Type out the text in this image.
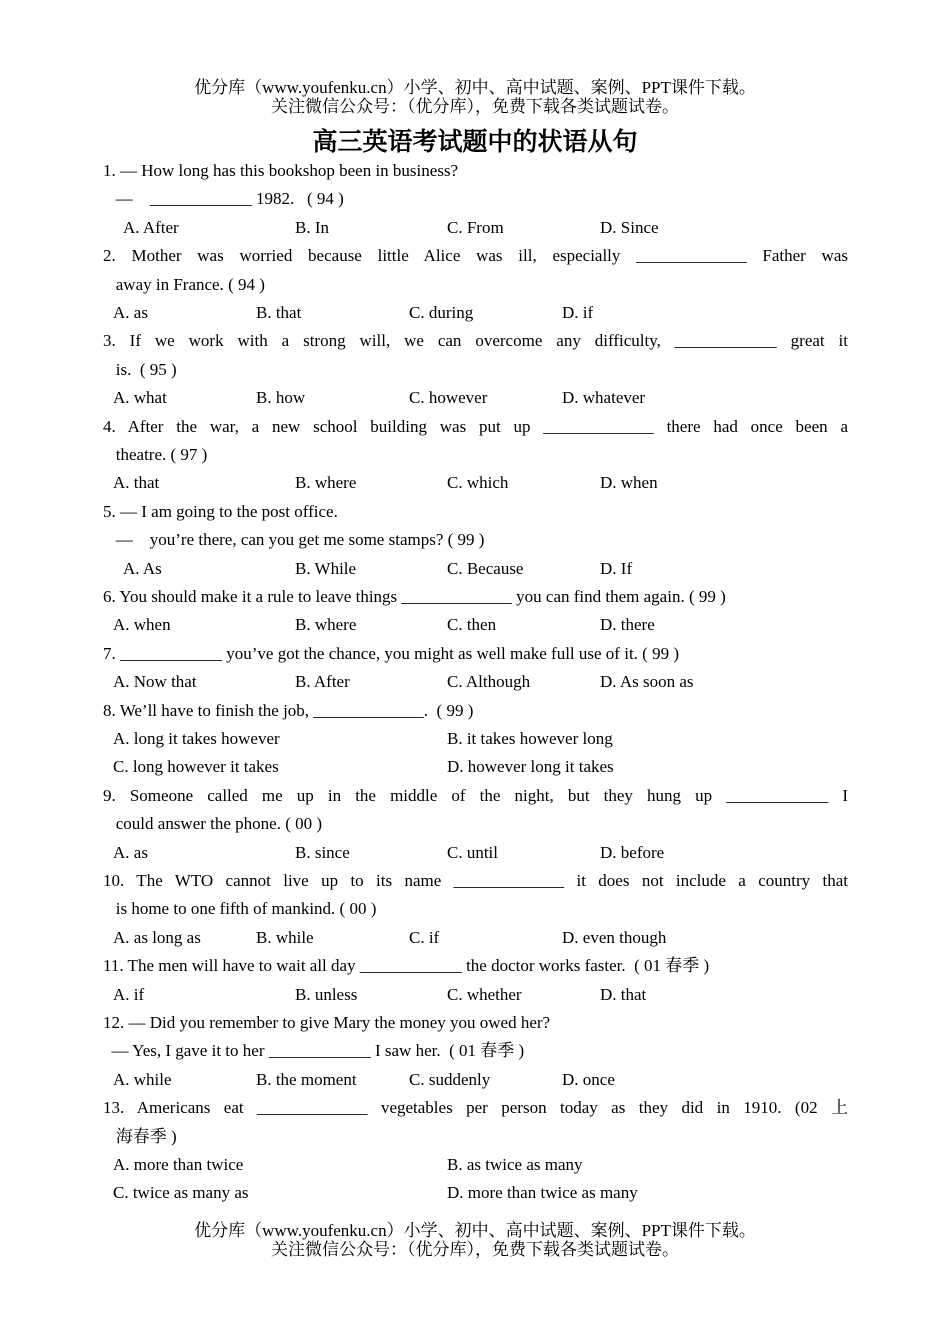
优分库（www.youfenku.cn）小学、初中、高中试题、案例、PPT课件下载。
关注微信公众号：（优分库），免费下载各类试题试卷。
高三英语考试题中的状语从句
1. — How long has this bookshop been in business?
—    ____________ 1982.   ( 94 )
A. After	B. In	C. From	D. Since
2. Mother was worried because little Alice was ill, especially _____________ Father was
away in France. ( 94 )
A. as	B. that	C. during	D. if
3. If we work with a strong will, we can overcome any difficulty, ____________ great it
is.  ( 95 )
A. what	B. how	C. however	D. whatever
4. After the war, a new school building was put up _____________ there had once been a
theatre. ( 97 )
A. that	B. where	C. which	D. when
5. — I am going to the post office.
—    you’re there, can you get me some stamps? ( 99 )
A. As	B. While	C. Because	D. If
6. You should make it a rule to leave things _____________ you can find them again. ( 99 )
A. when	B. where	C. then	D. there
7. ____________ you’ve got the chance, you might as well make full use of it. ( 99 )
A. Now that	B. After	C. Although	D. As soon as
8. We’ll have to finish the job, _____________.  ( 99 )
A. long it takes however	B. it takes however long
C. long however it takes	D. however long it takes
9. Someone called me up in the middle of the night, but they hung up ____________ I
could answer the phone. ( 00 )
A. as	B. since	C. until	D. before
10. The WTO cannot live up to its name _____________ it does not include a country that
is home to one fifth of mankind. ( 00 )
A. as long as	B. while	C. if	D. even though
11. The men will have to wait all day ____________ the doctor works faster.  ( 01 春季 )
A. if	B. unless	C. whether	D. that
12. — Did you remember to give Mary the money you owed her?
— Yes, I gave it to her ____________ I saw her.  ( 01 春季 )
A. while	B. the moment	C. suddenly	D. once
13. Americans eat _____________ vegetables per person today as they did in 1910. (02 上
海春季 )
A. more than twice	B. as twice as many
C. twice as many as	D. more than twice as many
优分库（www.youfenku.cn）小学、初中、高中试题、案例、PPT课件下载。
关注微信公众号：（优分库），免费下载各类试题试卷。
